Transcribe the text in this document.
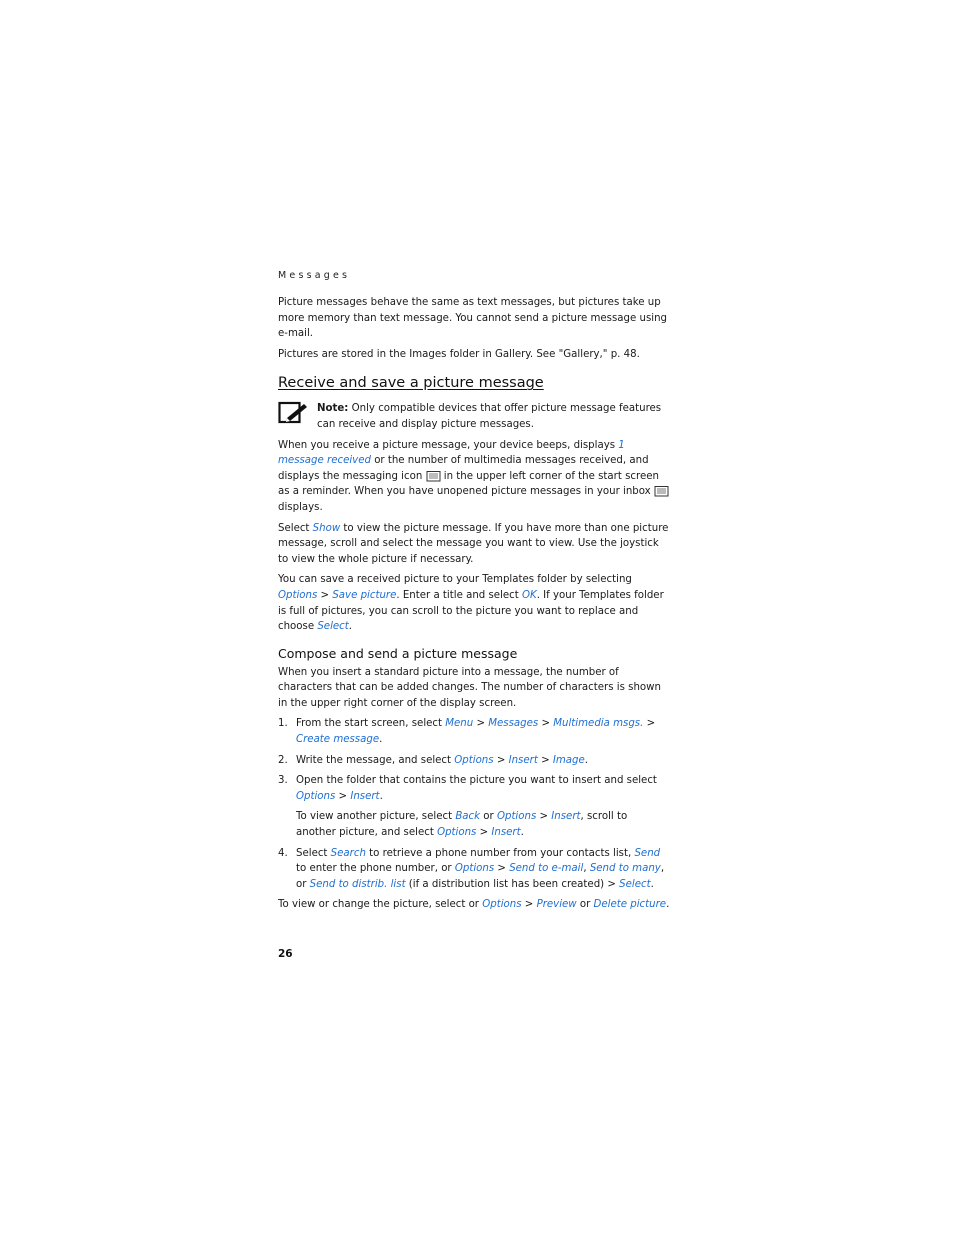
Messages

Picture messages behave the same as text messages, but pictures take up more memory than text message. You cannot send a picture message using e-mail.

Pictures are stored in the Images folder in Gallery. See "Gallery," p. 48.

Receive and save a picture message

Note: Only compatible devices that offer picture message features can receive and display picture messages.

When you receive a picture message, your device beeps, displays 1 message received or the number of multimedia messages received, and displays the messaging icon  in the upper left corner of the start screen as a reminder. When you have unopened picture messages in your inbox  displays.

Select Show to view the picture message. If you have more than one picture message, scroll and select the message you want to view. Use the joystick to view the whole picture if necessary.

You can save a received picture to your Templates folder by selecting Options > Save picture. Enter a title and select OK. If your Templates folder is full of pictures, you can scroll to the picture you want to replace and choose Select.

Compose and send a picture message

When you insert a standard picture into a message, the number of characters that can be added changes. The number of characters is shown in the upper right corner of the display screen.

1. From the start screen, select Menu > Messages > Multimedia msgs. > Create message.
2. Write the message, and select Options > Insert > Image.
3. Open the folder that contains the picture you want to insert and select Options > Insert.

To view another picture, select Back or Options > Insert, scroll to another picture, and select Options > Insert.

4. Select Search to retrieve a phone number from your contacts list, Send to enter the phone number, or Options > Send to e-mail, Send to many, or Send to distrib. list (if a distribution list has been created) > Select.

To view or change the picture, select or Options > Preview or Delete picture.

26
